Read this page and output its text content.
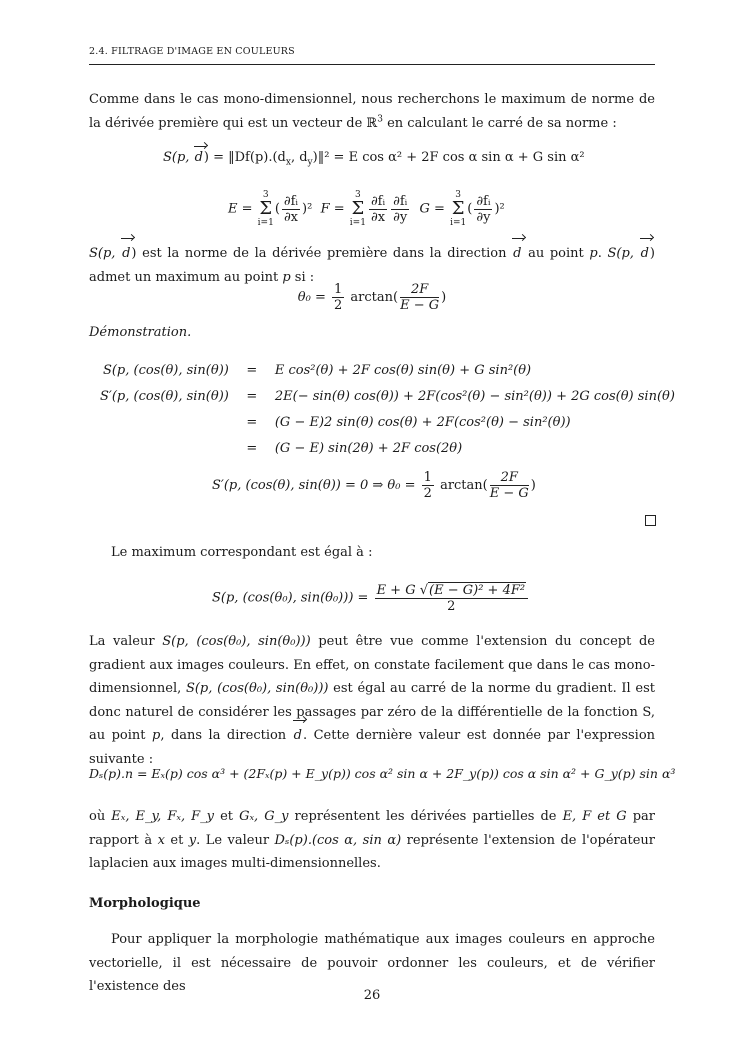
2.4. FILTRAGE D'IMAGE EN COULEURS
Comme dans le cas mono-dimensionnel, nous recherchons le maximum de norme de la dérivée première qui est un vecteur de ℝ$^3$ en calculant le carré de sa norme :
S(p, $d) = ‖Df(p).(d_x$, $d_y)‖^2 = E$ cos α² + 2F cos α sin α + G sin α²
E = 3
Σ
$i=1( \frac{\text{∂fᵢ}}{\partial x} )^2$ F = 3
Σ
$i=1 \frac{\text{∂fᵢ}}{\partial x} \frac{\text{∂fᵢ}}{\partial y}$ G = 3
Σ
$i=1( \frac{\text{∂fᵢ}}{\partial y} )^2$
S(p, d) est la norme de la dérivée première dans la direction d au point p. S(p, d) admet un maximum au point p si :
$\theta_0 = \frac{1}{2} \arctan( \frac{2F}{E - G}$ )
Démonstration.
S(p, (cos(θ), sin(θ))	=	E cos²(θ) + 2F cos(θ) sin(θ) + G sin²(θ)
S′(p, (cos(θ), sin(θ))	=	2E(− sin(θ) cos(θ)) + 2F(cos²(θ) − sin²(θ)) + 2G cos(θ) sin(θ)
	=	(G − E)2 sin(θ) cos(θ) + 2F(cos²(θ) − sin²(θ))
	=	(G − E) sin(2θ) + 2F cos(2θ)
S′(p, (cos(θ), sin(θ)) = 0 ⇒ $\theta_0 = \frac{1}{2} \arctan( \frac{2F}{E - G}$ )
Le maximum correspondant est égal à :
S(p, (cos(θ₀), $\sin(\theta_0))) = \frac{\text{E + G √(E − G)² + 4F²}}{2}$
La valeur S(p, (cos(θ₀), sin(θ₀))) peut être vue comme l'extension du concept de gradient aux images couleurs. En effet, on constate facilement que dans le cas mono-dimensionnel, S(p, (cos(θ₀), sin(θ₀))) est égal au carré de la norme du gradient. Il est donc naturel de considérer les passages par zéro de la différentielle de la fonction S, au point p, dans la direction d. Cette dernière valeur est donnée par l'expression suivante :
Dₛ(p).n = Eₓ(p) cos α³ + (2Fₓ(p) + E_y(p)) cos α² sin α + 2F_y(p)) cos α sin α² + G_y(p) sin α³
où Eₓ, E_y, Fₓ, F_y et Gₓ, G_y représentent les dérivées partielles de E, F et G par rapport à x et y. Le valeur Dₛ(p).(cos α, sin α) représente l'extension de l'opérateur laplacien aux images multi-dimensionnelles.
Morphologique
Pour appliquer la morphologie mathématique aux images couleurs en approche vectorielle, il est nécessaire de pouvoir ordonner les couleurs, et de vérifier l'existence des
26
